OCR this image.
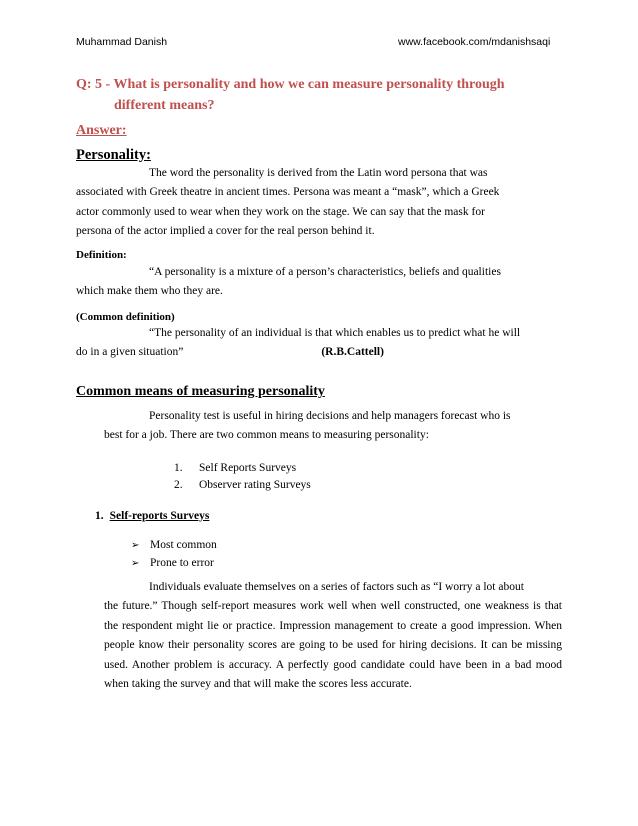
Muhammad Danish	www.facebook.com/mdanishsaqi
Q: 5 - What is personality and how we can measure personality through
different means?
Answer:
Personality:
The word the personality is derived from the Latin word persona that was
associated with Greek theatre in ancient times. Persona was meant a “mask”, which a Greek
actor commonly used to wear when they work on the stage. We can say that the mask for
persona of the actor implied a cover for the real person behind it.
Definition:
“A personality is a mixture of a person’s characteristics, beliefs and qualities
which make them who they are.
(Common definition)
“The personality of an individual is that which enables us to predict what he will
do in a given situation”	(R.B.Cattell)
Common means of measuring personality
Personality test is useful in hiring decisions and help managers forecast who is
best for a job. There are two common means to measuring personality:
1. Self Reports Surveys
2. Observer rating Surveys
1. Self-reports Surveys
➢ Most common
➢ Prone to error
Individuals evaluate themselves on a series of factors such as “I worry a lot about
the future.” Though self-report measures work well when well constructed, one weakness is that the respondent might lie or practice. Impression management to create a good impression. When people know their personality scores are going to be used for hiring decisions. It can be missing used. Another problem is accuracy. A perfectly good candidate could have been in a bad mood when taking the survey and that will make the scores less accurate.
